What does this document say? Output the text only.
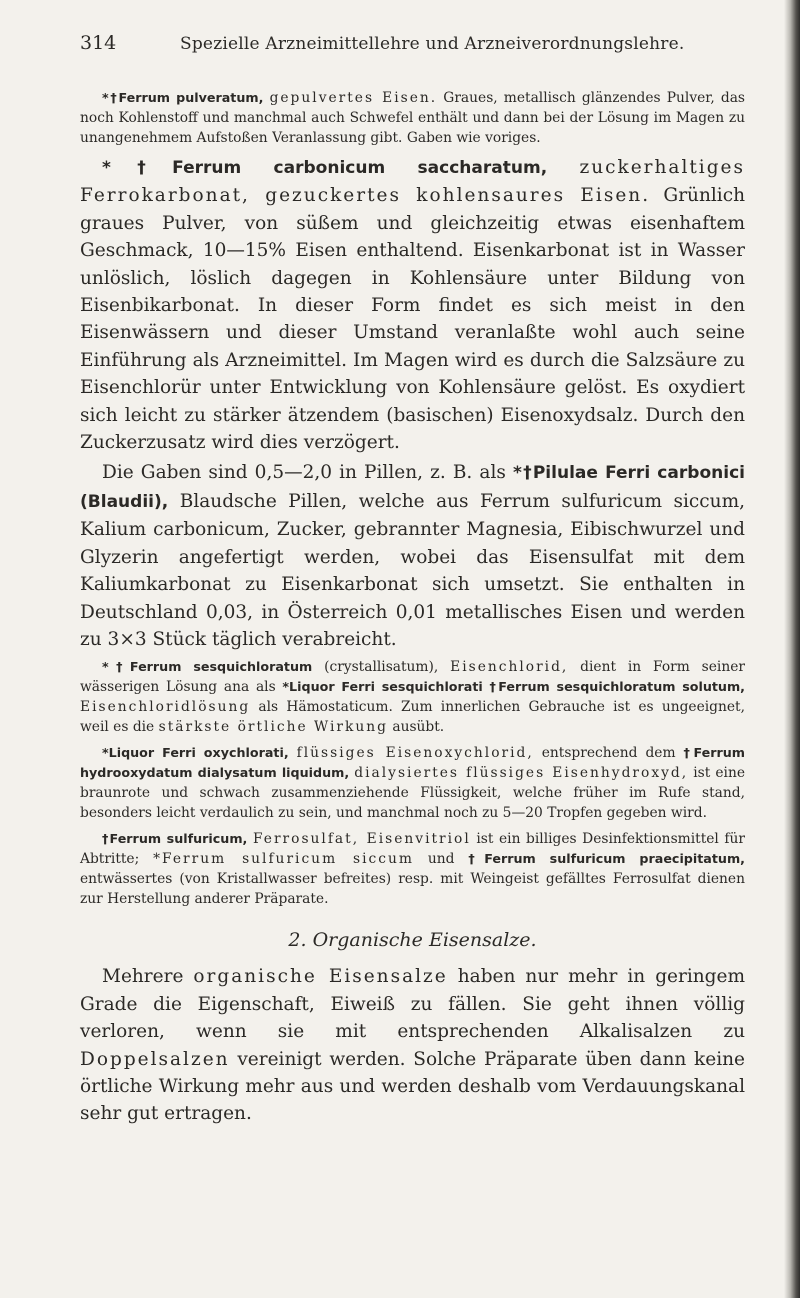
314	Spezielle Arzneimittellehre und Arzneiverordnungslehre.

*†Ferrum pulveratum, gepulvertes Eisen. Graues, metallisch glänzendes Pulver, das noch Kohlenstoff und manchmal auch Schwefel enthält und dann bei der Lösung im Magen zu unangenehmem Aufstoßen Veranlassung gibt. Gaben wie voriges.

*†Ferrum carbonicum saccharatum, zuckerhaltiges Ferrokarbonat, gezuckertes kohlensaures Eisen. Grünlich graues Pulver, von süßem und gleichzeitig etwas eisenhaftem Geschmack, 10—15% Eisen enthaltend. Eisenkarbonat ist in Wasser unlöslich, löslich dagegen in Kohlensäure unter Bildung von Eisenbikarbonat. In dieser Form findet es sich meist in den Eisenwässern und dieser Umstand veranlaßte wohl auch seine Einführung als Arzneimittel. Im Magen wird es durch die Salzsäure zu Eisenchlorür unter Entwicklung von Kohlensäure gelöst. Es oxydiert sich leicht zu stärker ätzendem (basischen) Eisenoxydsalz. Durch den Zuckerzusatz wird dies verzögert.

Die Gaben sind 0,5—2,0 in Pillen, z. B. als *†Pilulae Ferri carbonici (Blaudii), Blaudsche Pillen, welche aus Ferrum sulfuricum siccum, Kalium carbonicum, Zucker, gebrannter Magnesia, Eibischwurzel und Glyzerin angefertigt werden, wobei das Eisensulfat mit dem Kaliumkarbonat zu Eisenkarbonat sich umsetzt. Sie enthalten in Deutschland 0,03, in Österreich 0,01 metallisches Eisen und werden zu 3×3 Stück täglich verabreicht.

*†Ferrum sesquichloratum (crystallisatum), Eisenchlorid, dient in Form seiner wässerigen Lösung ana als *Liquor Ferri sesquichlorati †Ferrum sesquichloratum solutum, Eisenchloridlösung als Hämostaticum. Zum innerlichen Gebrauche ist es ungeeignet, weil es die stärkste örtliche Wirkung ausübt.

*Liquor Ferri oxychlorati, flüssiges Eisenoxychlorid, entsprechend dem †Ferrum hydrooxydatum dialysatum liquidum, dialysiertes flüssiges Eisenhydroxyd, ist eine braunrote und schwach zusammenziehende Flüssigkeit, welche früher im Rufe stand, besonders leicht verdaulich zu sein, und manchmal noch zu 5—20 Tropfen gegeben wird.

†Ferrum sulfuricum, Ferrosulfat, Eisenvitriol ist ein billiges Desinfektionsmittel für Abtritte; *Ferrum sulfuricum siccum und †Ferrum sulfuricum praecipitatum, entwässertes (von Kristallwasser befreites) resp. mit Weingeist gefälltes Ferrosulfat dienen zur Herstellung anderer Präparate.

2. Organische Eisensalze.

Mehrere organische Eisensalze haben nur mehr in geringem Grade die Eigenschaft, Eiweiß zu fällen. Sie geht ihnen völlig verloren, wenn sie mit entsprechenden Alkalisalzen zu Doppelsalzen vereinigt werden. Solche Präparate üben dann keine örtliche Wirkung mehr aus und werden deshalb vom Verdauungskanal sehr gut ertragen.
